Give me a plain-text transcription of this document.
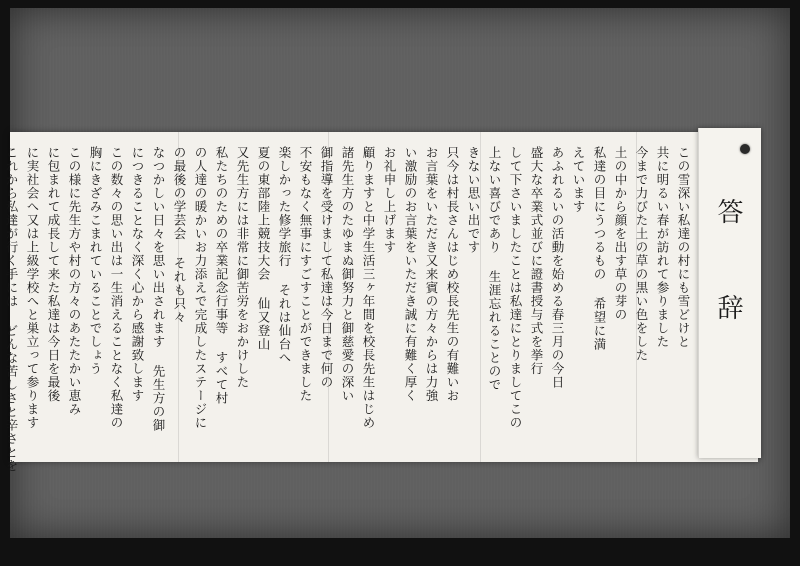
答 辞
この雪深い私達の村にも雪どけと
共に明るい春が訪れて参りました
今まで力びた土の草の黒い色をした
土の中から顔を出す草の芽の
私達の目にうつるもの 希望に満
えています
あふれるいの活動を始める春三月の今日
盛大な卒業式並びに證書授与式を挙行
して下さいましたことは私達にとりましてこの
上ない喜びであり 生涯忘れることので
きない思い出です
只今は村長さんはじめ校長先生の有難いお
お言葉をいただき又来賓の方々からは力強
い激励のお言葉をいただき誠に有難く厚く
お礼申し上げます
顧りますと中学生活三ヶ年間を校長先生はじめ
諸先生方のたゆまぬ御努力と御慈愛の深い
御指導を受けまして私達は今日まで何の
不安もなく無事にすごすことができました
楽しかった修学旅行 それは仙台へ
夏の東部陸上競技大会 仙又登山
又先生方には非常に御苦労をおかけした
私たちのための卒業記念行事等 すべて村
の人達の暖かいお力添えで完成したステージに
の最後の学芸会 それも只々
なつかしい日々を思い出されます 先生方の御
につきることなく深く心から感謝致します
この数々の思い出は一生消えることなく私達の
胸にきざみこまれていることでしょう
この様に先生方や村の方々のあたたかい恵み
に包まれて成長して来た私達は今日を最後
に実社会へ又は上級学校へと巣立って参ります
これから私達が行く手には どんな苦しさと辛さとを
